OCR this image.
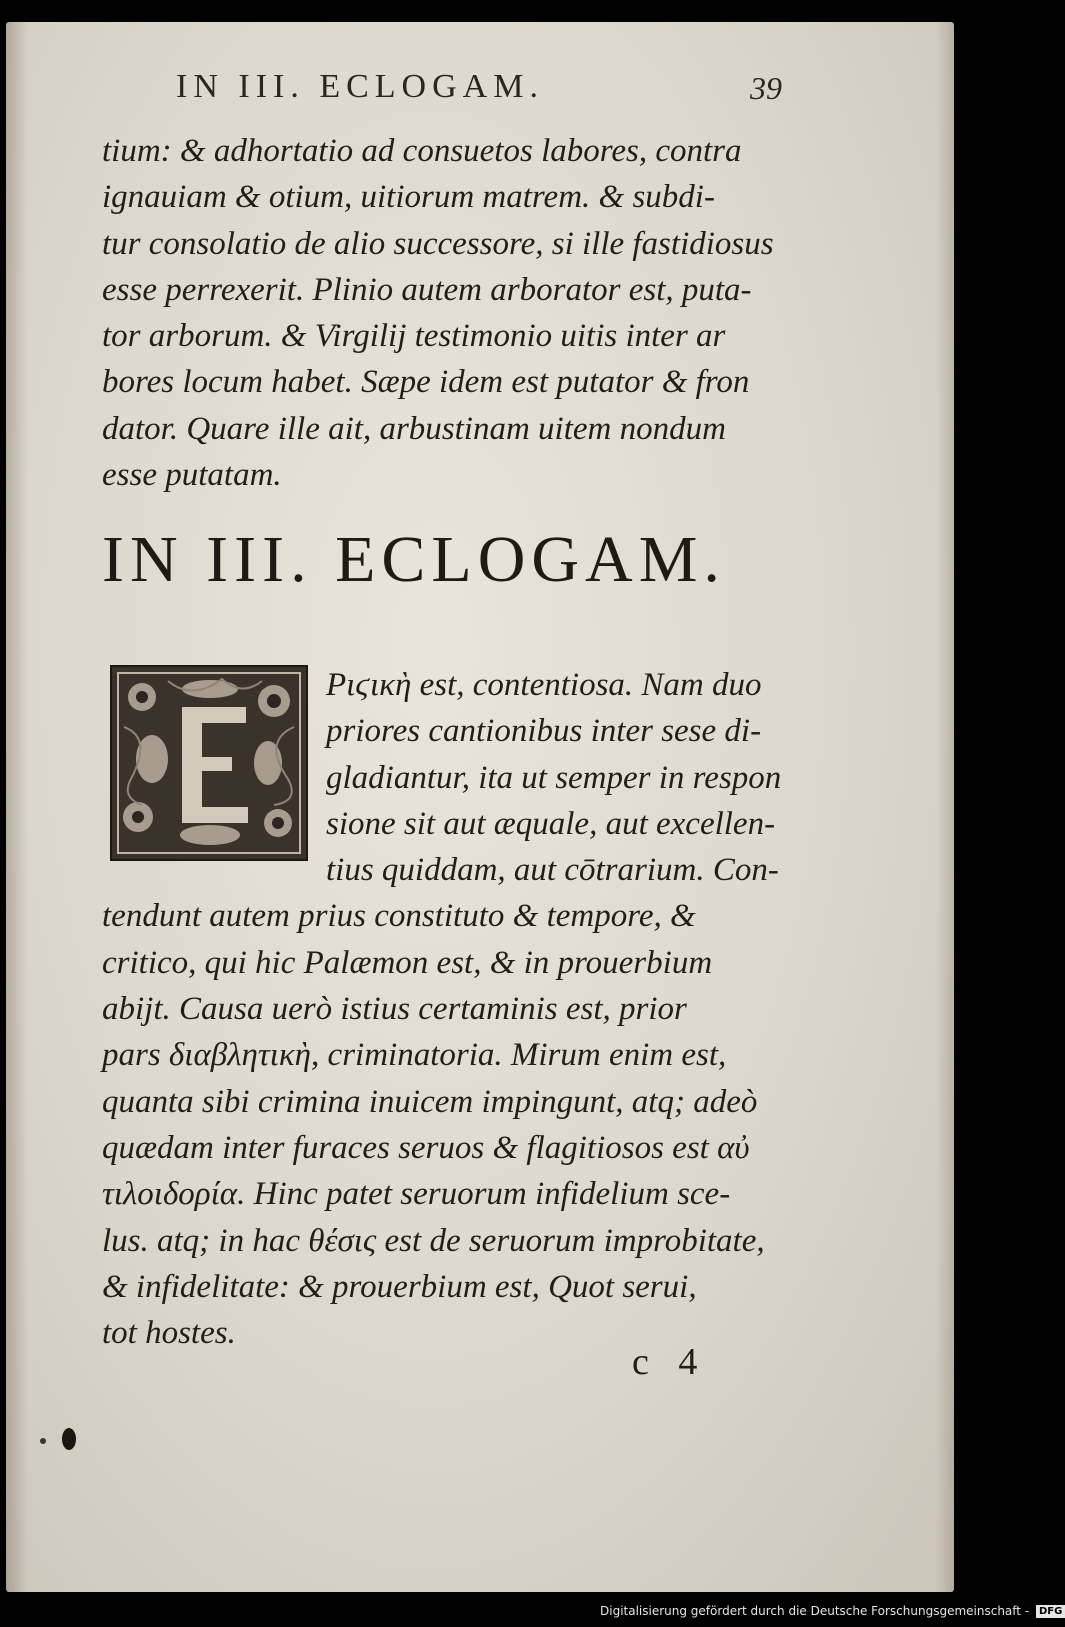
IN III. ECLOGAM.	39
tium: & adhortatio ad consuetos labores, contra
ignauiam & otium, uitiorum matrem. & subdi-
tur consolatio de alio successore, si ille fastidiosus
esse perrexerit. Plinio autem arborator est, puta-
tor arborum. & Virgilij testimonio uitis inter ar
bores locum habet. Sæpe idem est putator & fron
dator. Quare ille ait, arbustinam uitem nondum
esse putatam.
IN III. ECLOGAM.
Ριϛικὴ est, contentiosa. Nam duo
priores cantionibus inter sese di-
gladiantur, ita ut semper in respon
sione sit aut æquale, aut excellen-
tius quiddam, aut cōtrarium. Con-
tendunt autem prius constituto & tempore, &
critico, qui hic Palæmon est, & in prouerbium
abijt. Causa uerò istius certaminis est, prior
pars διαβλητικὴ, criminatoria. Mirum enim est,
quanta sibi crimina inuicem impingunt, atq; adeò
quædam inter furaces seruos & flagitiosos est αὐ
τιλοιδορία. Hinc patet seruorum infidelium sce-
lus. atq; in hac θέσις est de seruorum improbitate,
& infidelitate: & prouerbium est, Quot serui,
tot hostes.
c 4
Digitalisierung gefördert durch die Deutsche Forschungsgemeinschaft - DFG
